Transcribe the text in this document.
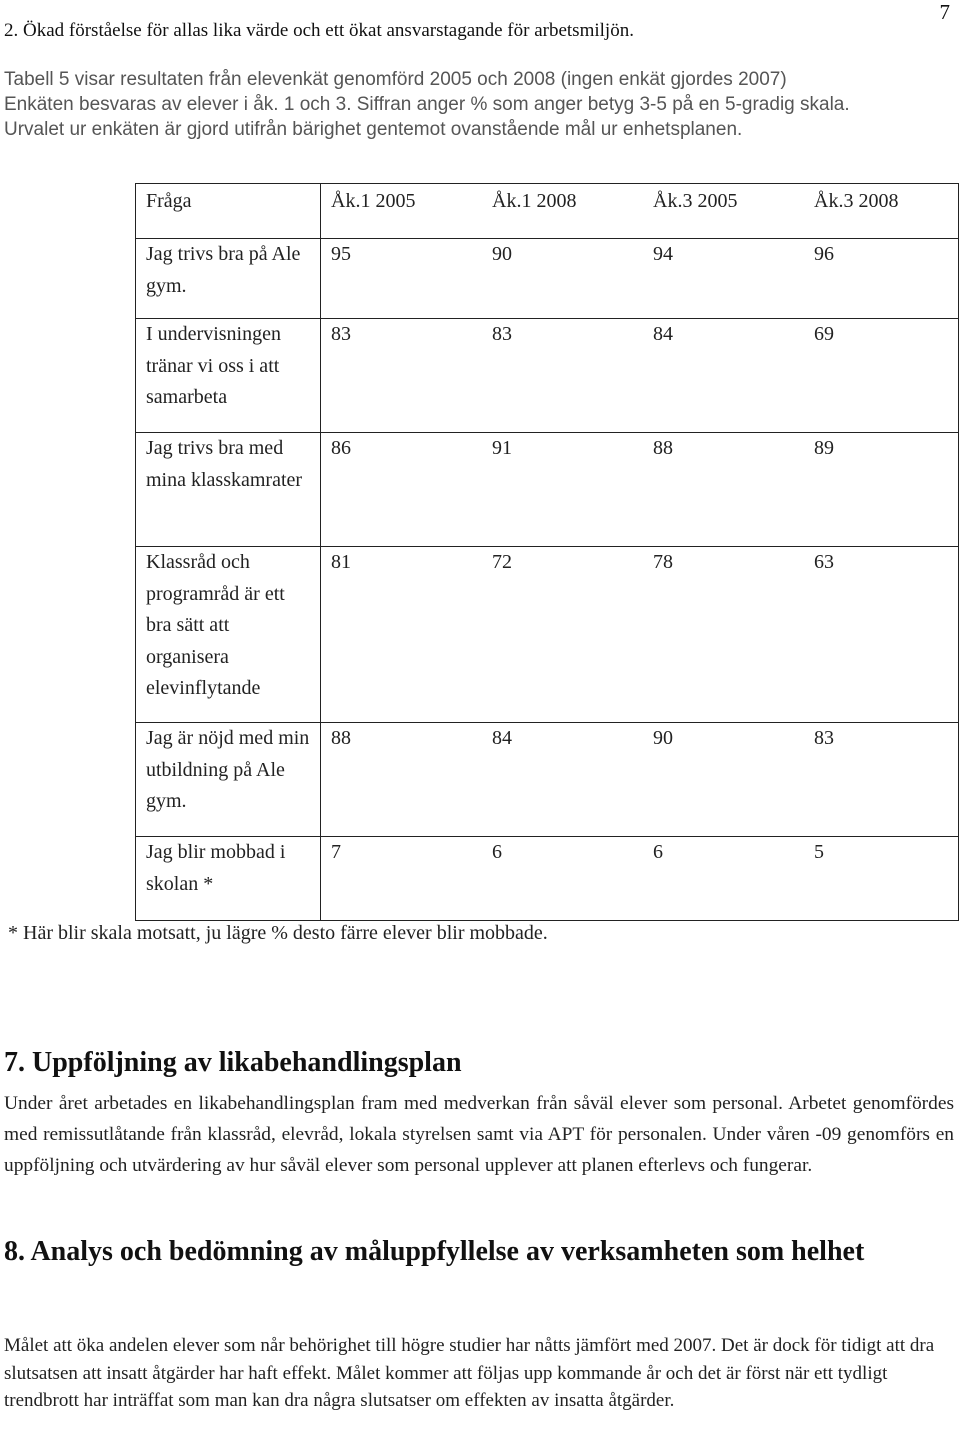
7
2. Ökad förståelse för allas lika värde och ett ökat ansvarstagande för arbetsmiljön.
Tabell 5 visar resultaten från elevenkät genomförd 2005 och 2008 (ingen enkät gjordes 2007)
Enkäten besvaras av elever i åk. 1 och 3. Siffran anger % som anger betyg 3-5 på en 5-gradig skala.
Urvalet ur enkäten är gjord utifrån bärighet gentemot ovanstående mål ur enhetsplanen.
Fråga	Åk.1 2005 Åk.1 2008 Åk.3 2005 Åk.3 2008

Jag trivs bra på Ale gym.	95 90 94 96

I undervisningen tränar vi oss i att samarbeta	83 83 84 69

Jag trivs bra med mina klasskamrater	86 91 88 89

Klassråd och programråd är ett bra sätt att organisera elevinflytande	81 72 78 63

Jag är nöjd med min utbildning på Ale gym.	88 84 90 83

Jag blir mobbad i skolan *	7 6 6 5
* Här blir skala motsatt, ju lägre % desto färre elever blir mobbade.
7. Uppföljning av likabehandlingsplan
Under året arbetades en likabehandlingsplan fram med medverkan från såväl elever som personal. Arbetet genomfördes med remissutlåtande från klassråd, elevråd, lokala styrelsen samt via APT för personalen. Under våren -09 genomförs en uppföljning och utvärdering av hur såväl elever som personal upplever att planen efterlevs och fungerar.
8. Analys och bedömning av måluppfyllelse av verksamheten som helhet
Målet att öka andelen elever som når behörighet till högre studier har nåtts jämfört med 2007. Det är dock för tidigt att dra slutsatsen att insatt åtgärder har haft effekt. Målet kommer att följas upp kommande år och det är först när ett tydligt trendbrott har inträffat som man kan dra några slutsatser om effekten av insatta åtgärder.
